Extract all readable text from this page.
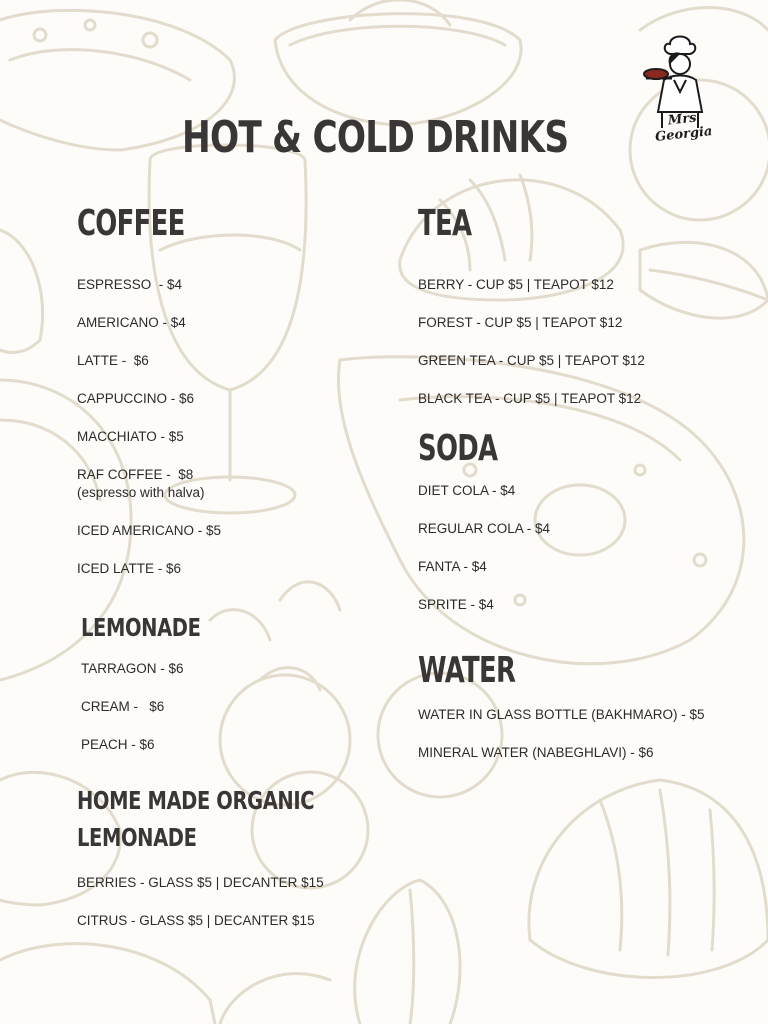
Mrs Georgia
HOT & COLD DRINKS
COFFEE

ESPRESSO  - $4

AMERICANO - $4

LATTE -  $6

CAPPUCCINO - $6

MACCHIATO - $5

RAF COFFEE -  $8

(espresso with halva)

ICED AMERICANO - $5

ICED LATTE - $6

LEMONADE

TARRAGON - $6

CREAM -   $6

PEACH - $6

HOME MADE ORGANIC
LEMONADE

BERRIES - GLASS $5 | DECANTER $15

CITRUS - GLASS $5 | DECANTER $15

TEA

BERRY - CUP $5 | TEAPOT $12

FOREST - CUP $5 | TEAPOT $12

GREEN TEA - CUP $5 | TEAPOT $12

BLACK TEA - CUP $5 | TEAPOT $12

SODA

DIET COLA - $4

REGULAR COLA - $4

FANTA - $4

SPRITE - $4

WATER

WATER IN GLASS BOTTLE (BAKHMARO) - $5

MINERAL WATER (NABEGHLAVI) - $6
